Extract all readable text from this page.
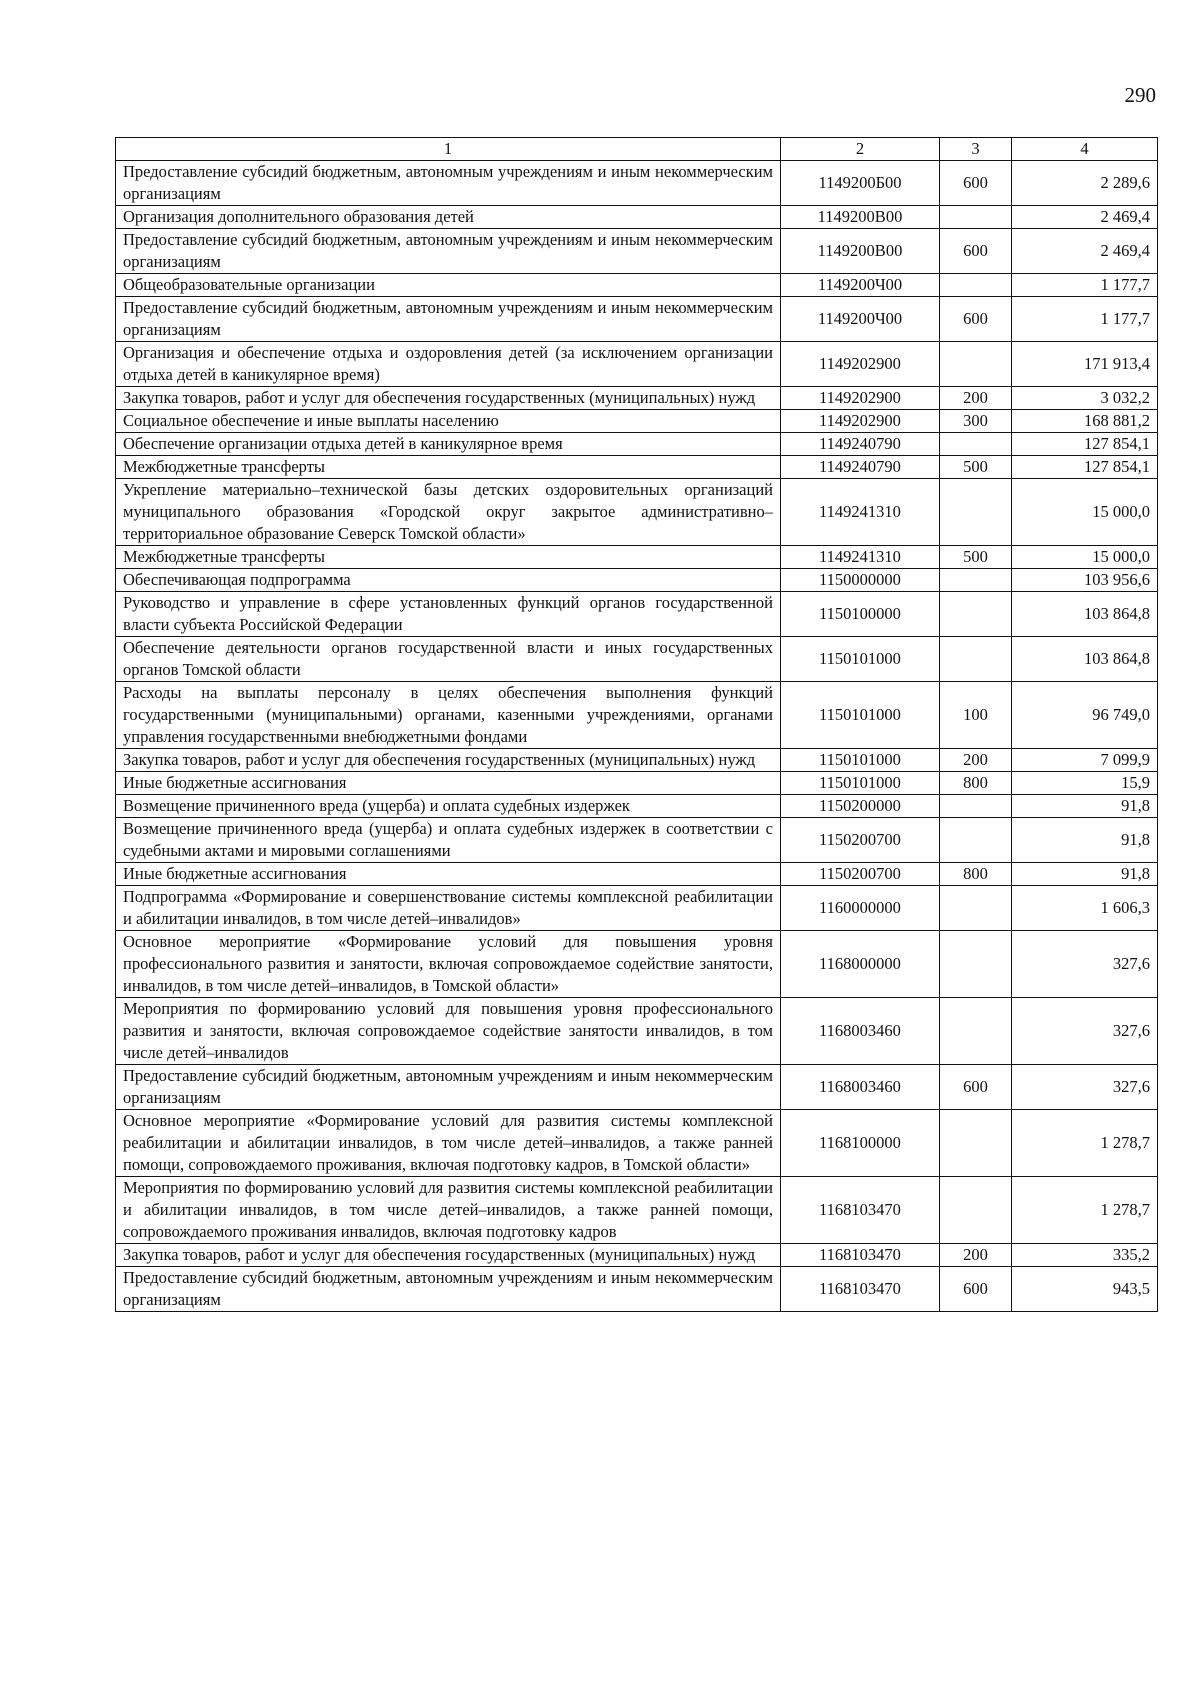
290
1	2	3	4
Предоставление субсидий бюджетным, автономным учреждениям и иным некоммерческим организациям	1149200Б00	600	2 289,6
Организация дополнительного образования детей	1149200В00		2 469,4
Предоставление субсидий бюджетным, автономным учреждениям и иным некоммерческим организациям	1149200В00	600	2 469,4
Общеобразовательные организации	1149200Ч00		1 177,7
Предоставление субсидий бюджетным, автономным учреждениям и иным некоммерческим организациям	1149200Ч00	600	1 177,7
Организация и обеспечение отдыха и оздоровления детей (за исключением организации отдыха детей в каникулярное время)	1149202900		171 913,4
Закупка товаров, работ и услуг для обеспечения государственных (муниципальных) нужд	1149202900	200	3 032,2
Социальное обеспечение и иные выплаты населению	1149202900	300	168 881,2
Обеспечение организации отдыха детей в каникулярное время	1149240790		127 854,1
Межбюджетные трансферты	1149240790	500	127 854,1
Укрепление материально–технической базы детских оздоровительных организаций муниципального образования «Городской округ закрытое административно–территориальное образование Северск Томской области»	1149241310		15 000,0
Межбюджетные трансферты	1149241310	500	15 000,0
Обеспечивающая подпрограмма	1150000000		103 956,6
Руководство и управление в сфере установленных функций органов государственной власти субъекта Российской Федерации	1150100000		103 864,8
Обеспечение деятельности органов государственной власти и иных государственных органов Томской области	1150101000		103 864,8
Расходы на выплаты персоналу в целях обеспечения выполнения функций государственными (муниципальными) органами, казенными учреждениями, органами управления государственными внебюджетными фондами	1150101000	100	96 749,0
Закупка товаров, работ и услуг для обеспечения государственных (муниципальных) нужд	1150101000	200	7 099,9
Иные бюджетные ассигнования	1150101000	800	15,9
Возмещение причиненного вреда (ущерба) и оплата судебных издержек	1150200000		91,8
Возмещение причиненного вреда (ущерба) и оплата судебных издержек в соответствии с судебными актами и мировыми соглашениями	1150200700		91,8
Иные бюджетные ассигнования	1150200700	800	91,8
Подпрограмма «Формирование и совершенствование системы комплексной реабилитации и абилитации инвалидов, в том числе детей–инвалидов»	1160000000		1 606,3
Основное мероприятие «Формирование условий для повышения уровня профессионального развития и занятости, включая сопровождаемое содействие занятости, инвалидов, в том числе детей–инвалидов, в Томской области»	1168000000		327,6
Мероприятия по формированию условий для повышения уровня профессионального развития и занятости, включая сопровождаемое содействие занятости инвалидов, в том числе детей–инвалидов	1168003460		327,6
Предоставление субсидий бюджетным, автономным учреждениям и иным некоммерческим организациям	1168003460	600	327,6
Основное мероприятие «Формирование условий для развития системы комплексной реабилитации и абилитации инвалидов, в том числе детей–инвалидов, а также ранней помощи, сопровождаемого проживания, включая подготовку кадров, в Томской области»	1168100000		1 278,7
Мероприятия по формированию условий для развития системы комплексной реабилитации и абилитации инвалидов, в том числе детей–инвалидов, а также ранней помощи, сопровождаемого проживания инвалидов, включая подготовку кадров	1168103470		1 278,7
Закупка товаров, работ и услуг для обеспечения государственных (муниципальных) нужд	1168103470	200	335,2
Предоставление субсидий бюджетным, автономным учреждениям и иным некоммерческим организациям	1168103470	600	943,5
